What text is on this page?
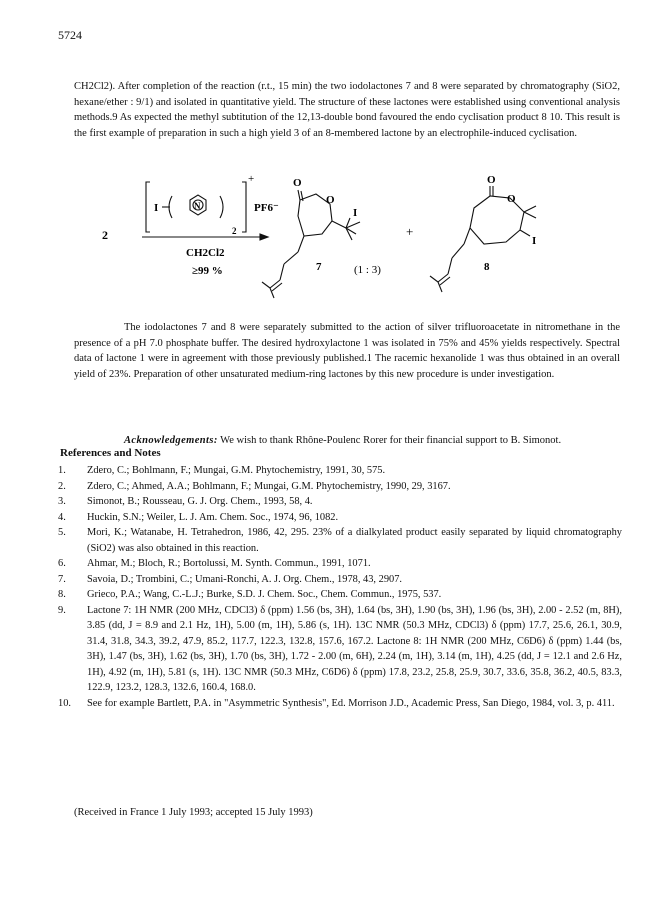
5724

CH2Cl2). After completion of the reaction (r.t., 15 min) the two iodolactones 7 and 8 were separated by chromatography (SiO2, hexane/ether : 9/1) and isolated in quantitative yield. The structure of these lactones were established using conventional analysis methods.9 As expected the methyl subtitution of the 12,13-double bond favoured the endo cyclisation product 8 10. This result is the first example of preparation in such a high yield 3 of an 8-membered lactone by an electrophile-induced cyclisation.

2
I	N
+
2
PF6⁻
CH2Cl2
≥99 %
O
O
I
7	(1 : 3)
+
O
O
I
8

The iodolactones 7 and 8 were separately submitted to the action of silver trifluoroacetate in nitromethane in the presence of a pH 7.0 phosphate buffer. The desired hydroxylactone 1 was isolated in 75% and 45% yields respectively. Spectral data of lactone 1 were in agreement with those previously published.1 The racemic hexanolide 1 was thus obtained in an overall yield of 23%. Preparation of other unsaturated medium-ring lactones by this new procedure is under investigation.

Acknowledgements: We wish to thank Rhône-Poulenc Rorer for their financial support to B. Simonot.

References and Notes
1.	Zdero, C.; Bohlmann, F.; Mungai, G.M. Phytochemistry, 1991, 30, 575.
2.	Zdero, C.; Ahmed, A.A.; Bohlmann, F.; Mungai, G.M. Phytochemistry, 1990, 29, 3167.
3.	Simonot, B.; Rousseau, G. J. Org. Chem., 1993, 58, 4.
4.	Huckin, S.N.; Weiler, L. J. Am. Chem. Soc., 1974, 96, 1082.
5.	Mori, K.; Watanabe, H. Tetrahedron, 1986, 42, 295. 23% of a dialkylated product easily separated by liquid chromatography (SiO2) was also obtained in this reaction.
6.	Ahmar, M.; Bloch, R.; Bortolussi, M. Synth. Commun., 1991, 1071.
7.	Savoia, D.; Trombini, C.; Umani-Ronchi, A. J. Org. Chem., 1978, 43, 2907.
8.	Grieco, P.A.; Wang, C.-L.J.; Burke, S.D. J. Chem. Soc., Chem. Commun., 1975, 537.
9.	Lactone 7: 1H NMR (200 MHz, CDCl3) δ (ppm) 1.56 (bs, 3H), 1.64 (bs, 3H), 1.90 (bs, 3H), 1.96 (bs, 3H), 2.00 - 2.52 (m, 8H), 3.85 (dd, J = 8.9 and 2.1 Hz, 1H), 5.00 (m, 1H), 5.86 (s, 1H). 13C NMR (50.3 MHz, CDCl3) δ (ppm) 17.7, 25.6, 26.1, 30.9, 31.4, 31.8, 34.3, 39.2, 47.9, 85.2, 117.7, 122.3, 132.8, 157.6, 167.2. Lactone 8: 1H NMR (200 MHz, C6D6) δ (ppm) 1.44 (bs, 3H), 1.47 (bs, 3H), 1.62 (bs, 3H), 1.70 (bs, 3H), 1.72 - 2.00 (m, 6H), 2.24 (m, 1H), 3.14 (m, 1H), 4.25 (dd, J = 12.1 and 2.6 Hz, 1H), 4.92 (m, 1H), 5.81 (s, 1H). 13C NMR (50.3 MHz, C6D6) δ (ppm) 17.8, 23.2, 25.8, 25.9, 30.7, 33.6, 35.8, 36.2, 40.5, 83.3, 122.9, 123.2, 128.3, 132.6, 160.4, 168.0.
10.	See for example Bartlett, P.A. in "Asymmetric Synthesis", Ed. Morrison J.D., Academic Press, San Diego, 1984, vol. 3, p. 411.
(Received in France 1 July 1993; accepted 15 July 1993)
